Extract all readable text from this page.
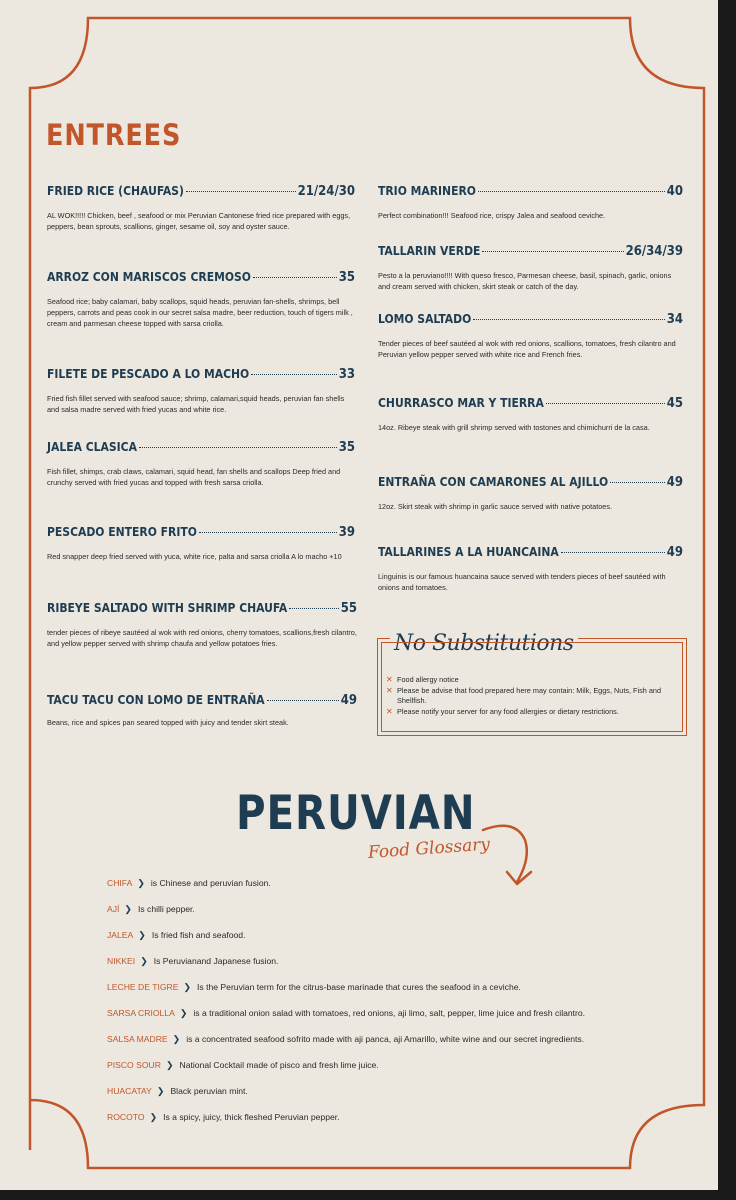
ENTREES
FRIED RICE (CHAUFAS)	21/24/30
AL WOK!!!!! Chicken, beef , seafood or mix Peruvian Cantonese fried rice prepared with eggs, peppers, bean sprouts, scallions, ginger, sesame oil, soy and oyster sauce.
ARROZ CON MARISCOS CREMOSO	35
Seafood rice; baby calamari, baby scallops, squid heads, peruvian fan-shells, shrimps, bell peppers, carrots and peas cook in our secret salsa madre, beer reduction, touch of tigers milk , cream and parmesan cheese topped with sarsa criolla.
FILETE DE PESCADO A LO MACHO	33
Fried fish fillet served with seafood sauce; shrimp, calamari,squid heads, peruvian fan shells and salsa madre served with fried yucas and white rice.
JALEA CLASICA	35
Fish fillet, shimps, crab claws, calamari, squid head, fan shells and scallops Deep fried and crunchy served with fried yucas and topped with fresh sarsa criolla.
PESCADO ENTERO FRITO	39
Red snapper deep fried served with yuca, white rice, palta and sarsa criolla A lo macho +10
RIBEYE SALTADO WITH SHRIMP CHAUFA	55
tender pieces of ribeye sautéed al wok with red onions, cherry tomatoes, scallions,fresh cilantro, and yellow pepper served with shrimp chaufa and yellow potatoes fries.
TACU TACU CON LOMO DE ENTRAÑA	49
Beans, rice and spices pan seared topped with juicy and tender skirt steak.
TRIO MARINERO	40
Perfect combination!!! Seafood rice, crispy Jalea and seafood ceviche.
TALLARIN VERDE	26/34/39
Pesto a la peruviano!!!! With queso fresco, Parmesan cheese, basil, spinach, garlic, onions and cream served with chicken, skirt steak or catch of the day.
LOMO SALTADO	34
Tender pieces of beef sautéed al wok with red onions, scallions, tomatoes, fresh cilantro and Peruvian yellow pepper served with white rice and French fries.
CHURRASCO MAR Y TIERRA	45
14oz. Ribeye steak with grill shrimp served with tostones and chimichurri de la casa.
ENTRAÑA CON CAMARONES AL AJILLO	49
12oz. Skirt steak with shrimp in garlic sauce served with native potatoes.
TALLARINES A LA HUANCAINA	49
Linguinis is our famous huancaina sauce served with tenders pieces of beef sautéed with onions and tomatoes.
No Substitutions
✕ Food allergy notice
✕ Please be advise that food prepared here may contain: Milk, Eggs, Nuts, Fish and Shellfish.
✕ Please notify your server for any food allergies or dietary restrictions.
PERUVIAN
Food Glossary
CHIFA ❯ is Chinese and peruvian fusion.
AJÍ ❯ Is chilli pepper.
JALEA ❯ Is fried fish and seafood.
NIKKEI ❯ Is Peruvianand Japanese fusion.
LECHE DE TIGRE ❯ Is the Peruvian term for the citrus-base marinade that cures the seafood in a ceviche.
SARSA CRIOLLA ❯ is a traditional onion salad with tomatoes, red onions, aji limo, salt, pepper, lime juice and fresh cilantro.
SALSA MADRE ❯ is a concentrated seafood sofrito made with aji panca, aji Amarillo, white wine and our secret ingredients.
PISCO SOUR ❯ National Cocktail made of pisco and fresh lime juice.
HUACATAY ❯ Black peruvian mint.
ROCOTO ❯ Is a spicy, juicy, thick fleshed Peruvian pepper.
